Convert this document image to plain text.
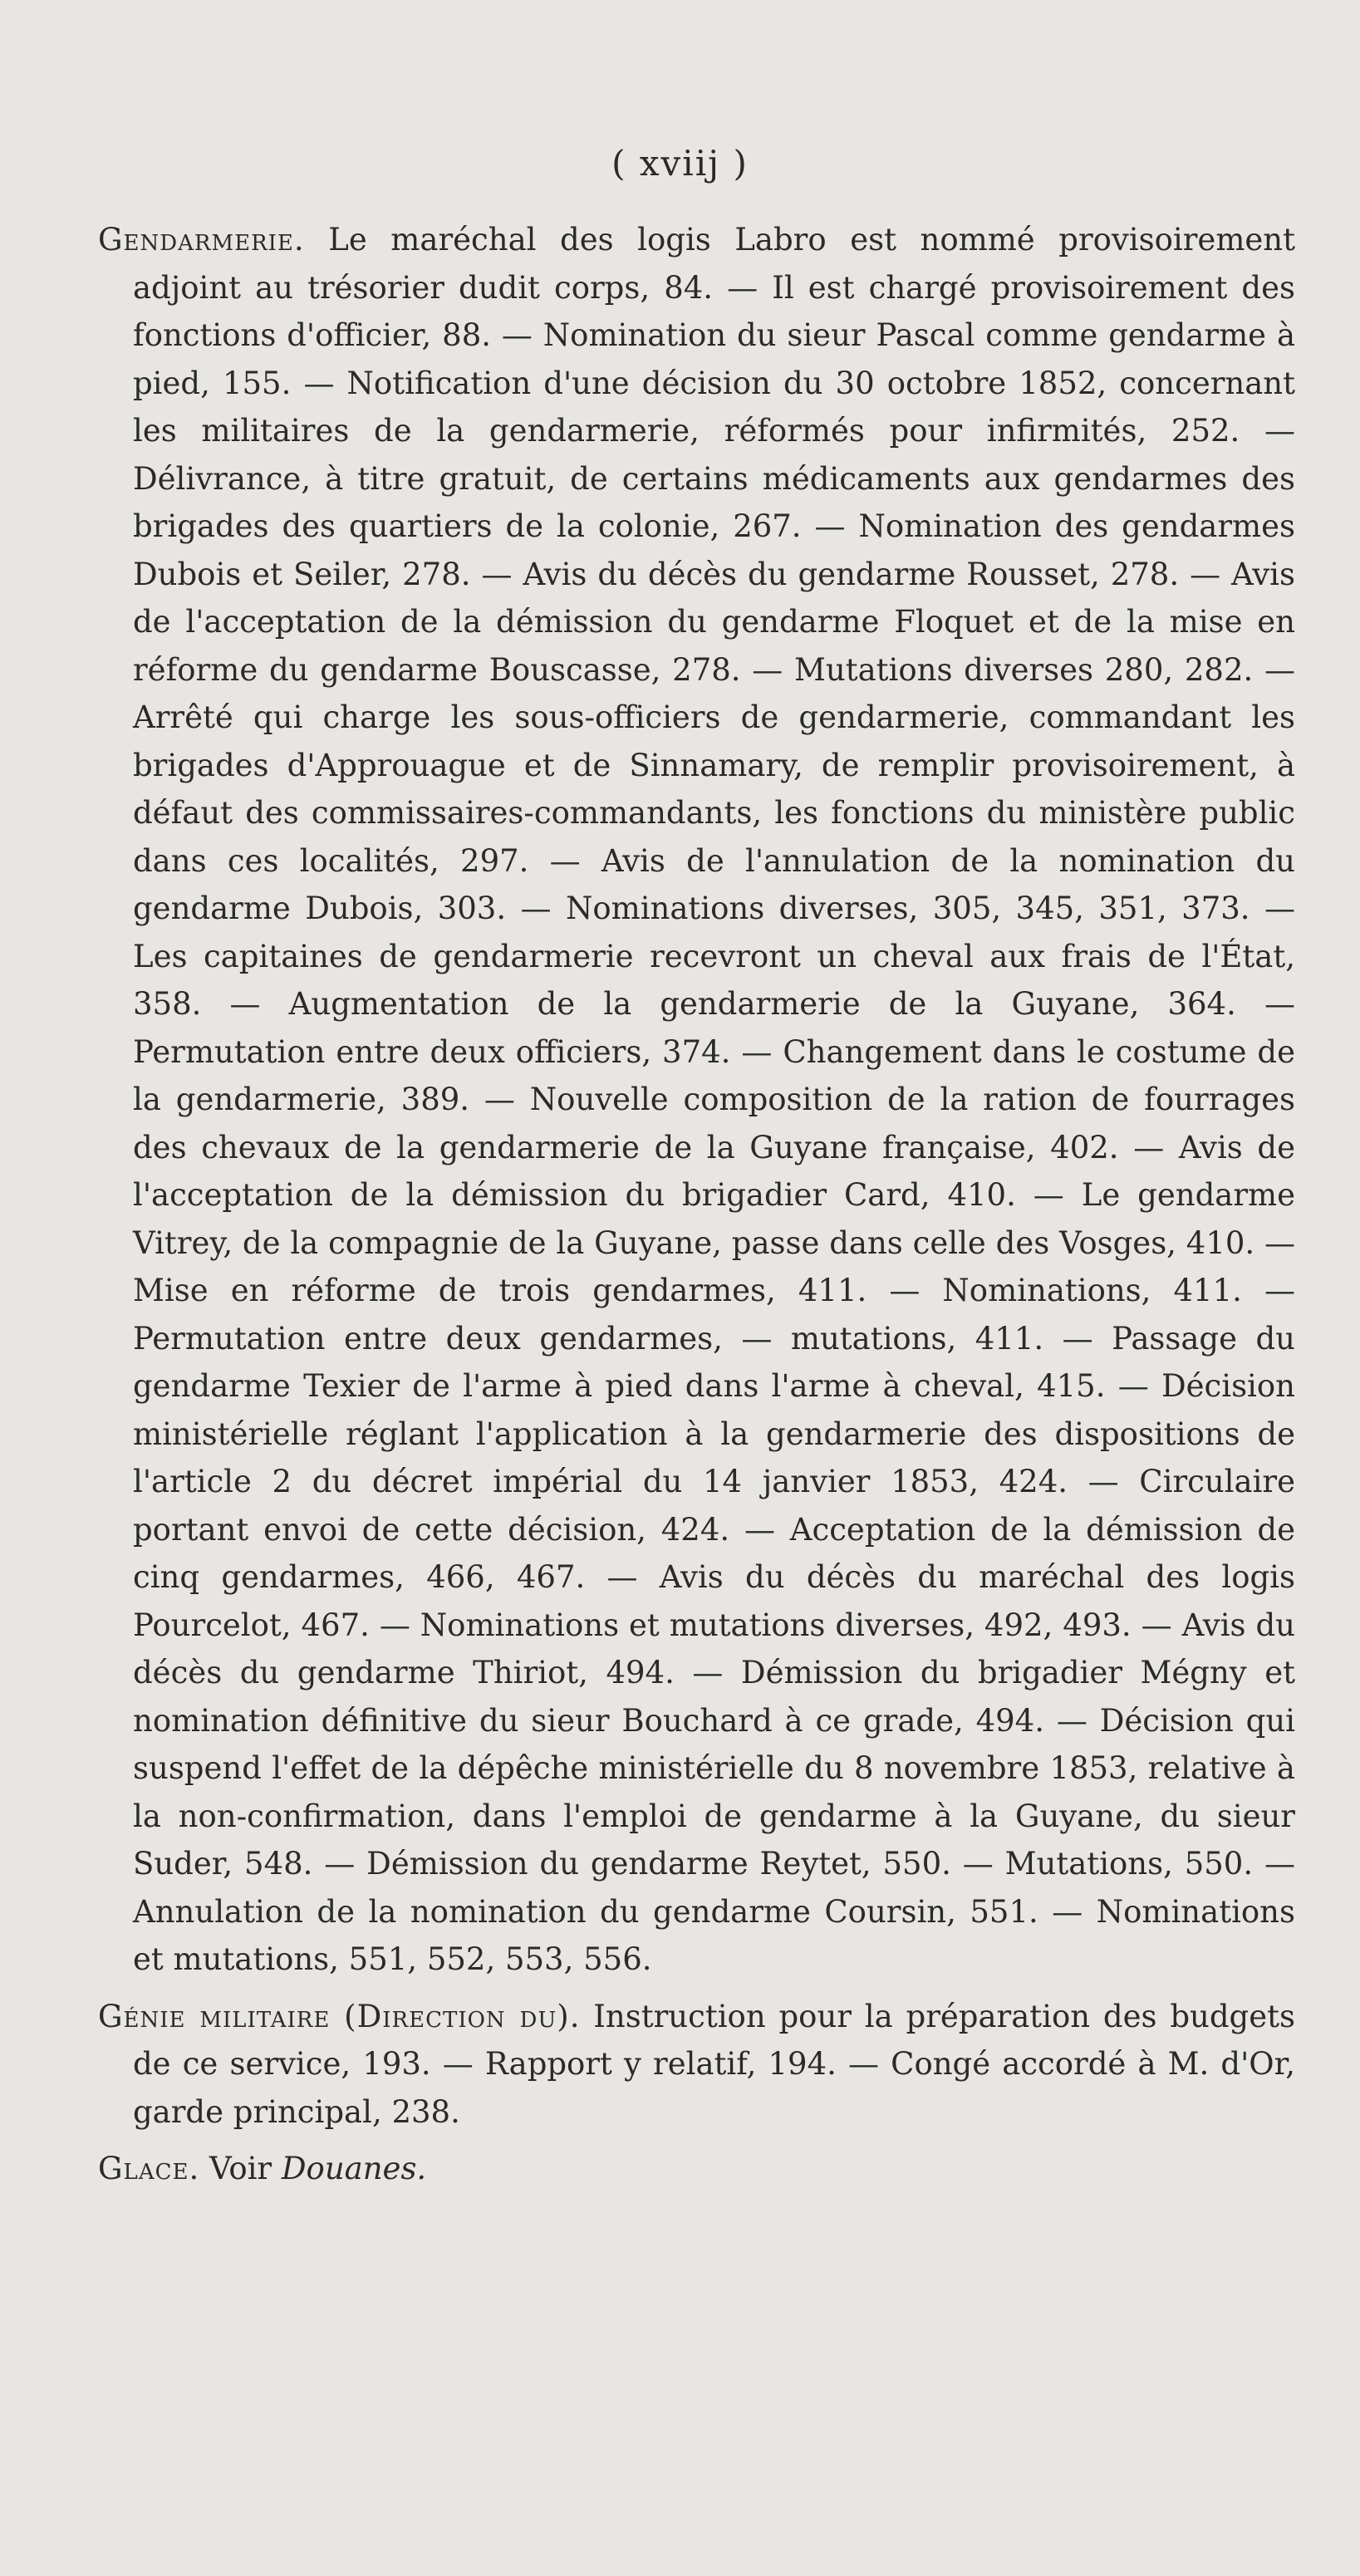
( xviij )

Gendarmerie. Le maréchal des logis Labro est nommé provisoirement adjoint au trésorier dudit corps, 84. — Il est chargé provisoirement des fonctions d'officier, 88. — Nomination du sieur Pascal comme gendarme à pied, 155. — Notification d'une décision du 30 octobre 1852, concernant les militaires de la gendarmerie, réformés pour infirmités, 252. — Délivrance, à titre gratuit, de certains médicaments aux gendarmes des brigades des quartiers de la colonie, 267. — Nomination des gendarmes Dubois et Seiler, 278. — Avis du décès du gendarme Rousset, 278. — Avis de l'acceptation de la démission du gendarme Floquet et de la mise en réforme du gendarme Bouscasse, 278. — Mutations diverses 280, 282. — Arrêté qui charge les sous-officiers de gendarmerie, commandant les brigades d'Approuague et de Sinnamary, de remplir provisoirement, à défaut des commissaires-commandants, les fonctions du ministère public dans ces localités, 297. — Avis de l'annulation de la nomination du gendarme Dubois, 303. — Nominations diverses, 305, 345, 351, 373. — Les capitaines de gendarmerie recevront un cheval aux frais de l'État, 358. — Augmentation de la gendarmerie de la Guyane, 364. — Permutation entre deux officiers, 374. — Changement dans le costume de la gendarmerie, 389. — Nouvelle composition de la ration de fourrages des chevaux de la gendarmerie de la Guyane française, 402. — Avis de l'acceptation de la démission du brigadier Card, 410. — Le gendarme Vitrey, de la compagnie de la Guyane, passe dans celle des Vosges, 410. — Mise en réforme de trois gendarmes, 411. — Nominations, 411. — Permutation entre deux gendarmes, — mutations, 411. — Passage du gendarme Texier de l'arme à pied dans l'arme à cheval, 415. — Décision ministérielle réglant l'application à la gendarmerie des dispositions de l'article 2 du décret impérial du 14 janvier 1853, 424. — Circulaire portant envoi de cette décision, 424. — Acceptation de la démission de cinq gendarmes, 466, 467. — Avis du décès du maréchal des logis Pourcelot, 467. — Nominations et mutations diverses, 492, 493. — Avis du décès du gendarme Thiriot, 494. — Démission du brigadier Mégny et nomination définitive du sieur Bouchard à ce grade, 494. — Décision qui suspend l'effet de la dépêche ministérielle du 8 novembre 1853, relative à la non-confirmation, dans l'emploi de gendarme à la Guyane, du sieur Suder, 548. — Démission du gendarme Reytet, 550. — Mutations, 550. — Annulation de la nomination du gendarme Coursin, 551. — Nominations et mutations, 551, 552, 553, 556.

Génie militaire (Direction du). Instruction pour la préparation des budgets de ce service, 193. — Rapport y relatif, 194. — Congé accordé à M. d'Or, garde principal, 238.

Glace. Voir Douanes.
